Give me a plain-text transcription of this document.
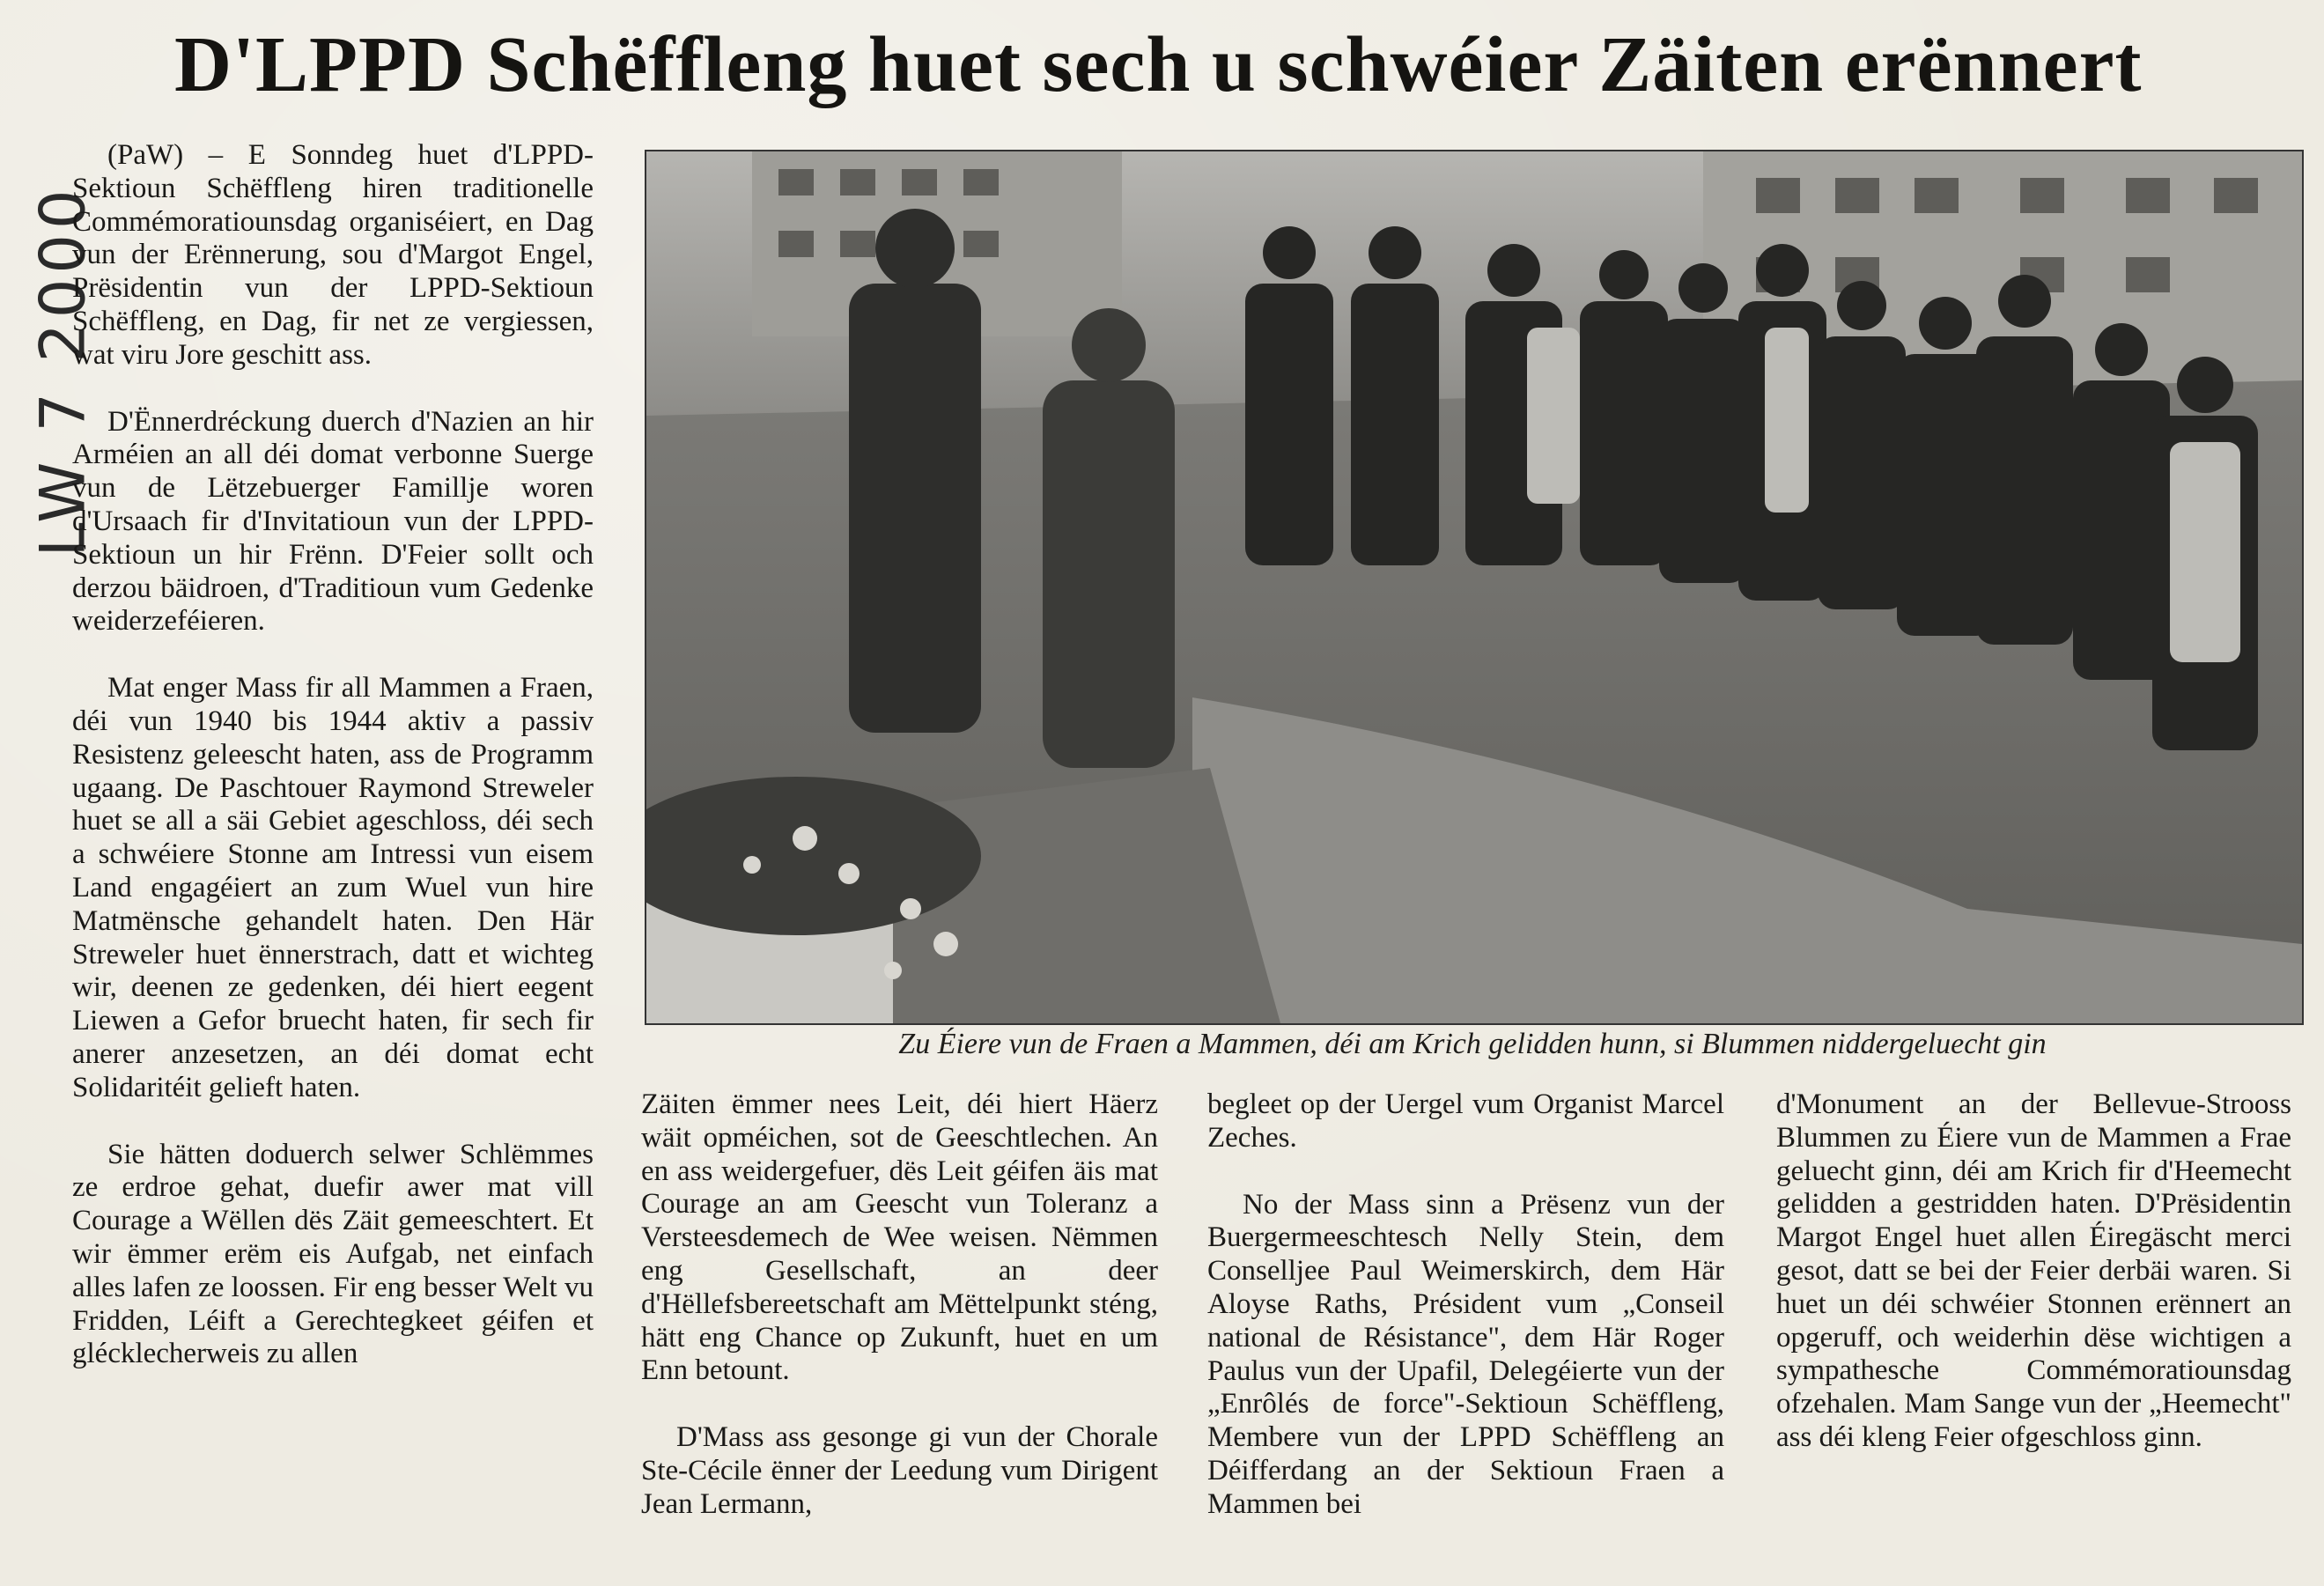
D'LPPD Schëffleng huet sech u schwéier Zäiten erënnert
LW 7 2000

(PaW) – E Sonndeg huet d'LPPD-Sektioun Schëffleng hiren traditionelle Commémoratiounsdag organiséiert, en Dag vun der Erënnerung, sou d'Margot Engel, Prësidentin vun der LPPD-Sektioun Schëffleng, en Dag, fir net ze vergiessen, wat viru Jore geschitt ass.

D'Ënnerdréckung duerch d'Nazien an hir Arméien an all déi domat verbonne Suerge vun de Lëtzebuerger Famillje woren d'Ursaach fir d'Invitatioun vun der LPPD-Sektioun un hir Frënn. D'Feier sollt och derzou bäidroen, d'Traditioun vum Gedenke weiderzeféieren.

Mat enger Mass fir all Mammen a Fraen, déi vun 1940 bis 1944 aktiv a passiv Resistenz geleescht haten, ass de Programm ugaang. De Paschtouer Raymond Streweler huet se all a säi Gebiet ageschloss, déi sech a schwéiere Stonne am Intressi vun eisem Land engagéiert an zum Wuel vun hire Matmënsche gehandelt haten. Den Här Streweler huet ënnerstrach, datt et wichteg wir, deenen ze gedenken, déi hiert eegent Liewen a Gefor bruecht haten, fir sech fir anerer anzesetzen, an déi domat echt Solidaritéit gelieft haten.

Sie hätten doduerch selwer Schlëmmes ze erdroe gehat, duefir awer mat vill Courage a Wëllen dës Zäit gemeeschtert. Et wir ëmmer erëm eis Aufgab, net einfach alles lafen ze loossen. Fir eng besser Welt vu Fridden, Léift a Gerechtegkeet géifen et glécklecherweis zu allen

Zu Éiere vun de Fraen a Mammen, déi am Krich gelidden hunn, si Blummen niddergeluecht gin

Zäiten ëmmer nees Leit, déi hiert Häerz wäit opméichen, sot de Geeschtlechen. An en ass weidergefuer, dës Leit géifen äis mat Courage an am Geescht vun Toleranz a Versteesdemech de Wee weisen. Nëmmen eng Gesellschaft, an deer d'Hëllefsbereetschaft am Mëttelpunkt sténg, hätt eng Chance op Zukunft, huet en um Enn betount.

D'Mass ass gesonge gi vun der Chorale Ste-Cécile ënner der Leedung vum Dirigent Jean Lermann,

begleet op der Uergel vum Organist Marcel Zeches.

No der Mass sinn a Prësenz vun der Buergermeeschtesch Nelly Stein, dem Conselljee Paul Weimerskirch, dem Här Aloyse Raths, Président vum „Conseil national de Résistance", dem Här Roger Paulus vun der Upafil, Delegéierte vun der „Enrôlés de force"-Sektioun Schëffleng, Membere vun der LPPD Schëffleng an Déifferdang an der Sektioun Fraen a Mammen bei

d'Monument an der Bellevue-Strooss Blummen zu Éiere vun de Mammen a Frae geluecht ginn, déi am Krich fir d'Heemecht gelidden a gestridden haten. D'Prësidentin Margot Engel huet allen Éiregäscht merci gesot, datt se bei der Feier derbäi waren. Si huet un déi schwéier Stonnen erënnert an opgeruff, och weiderhin dëse wichtigen a sympathesche Commémoratiounsdag ofzehalen. Mam Sange vun der „Heemecht" ass déi kleng Feier ofgeschloss ginn.
